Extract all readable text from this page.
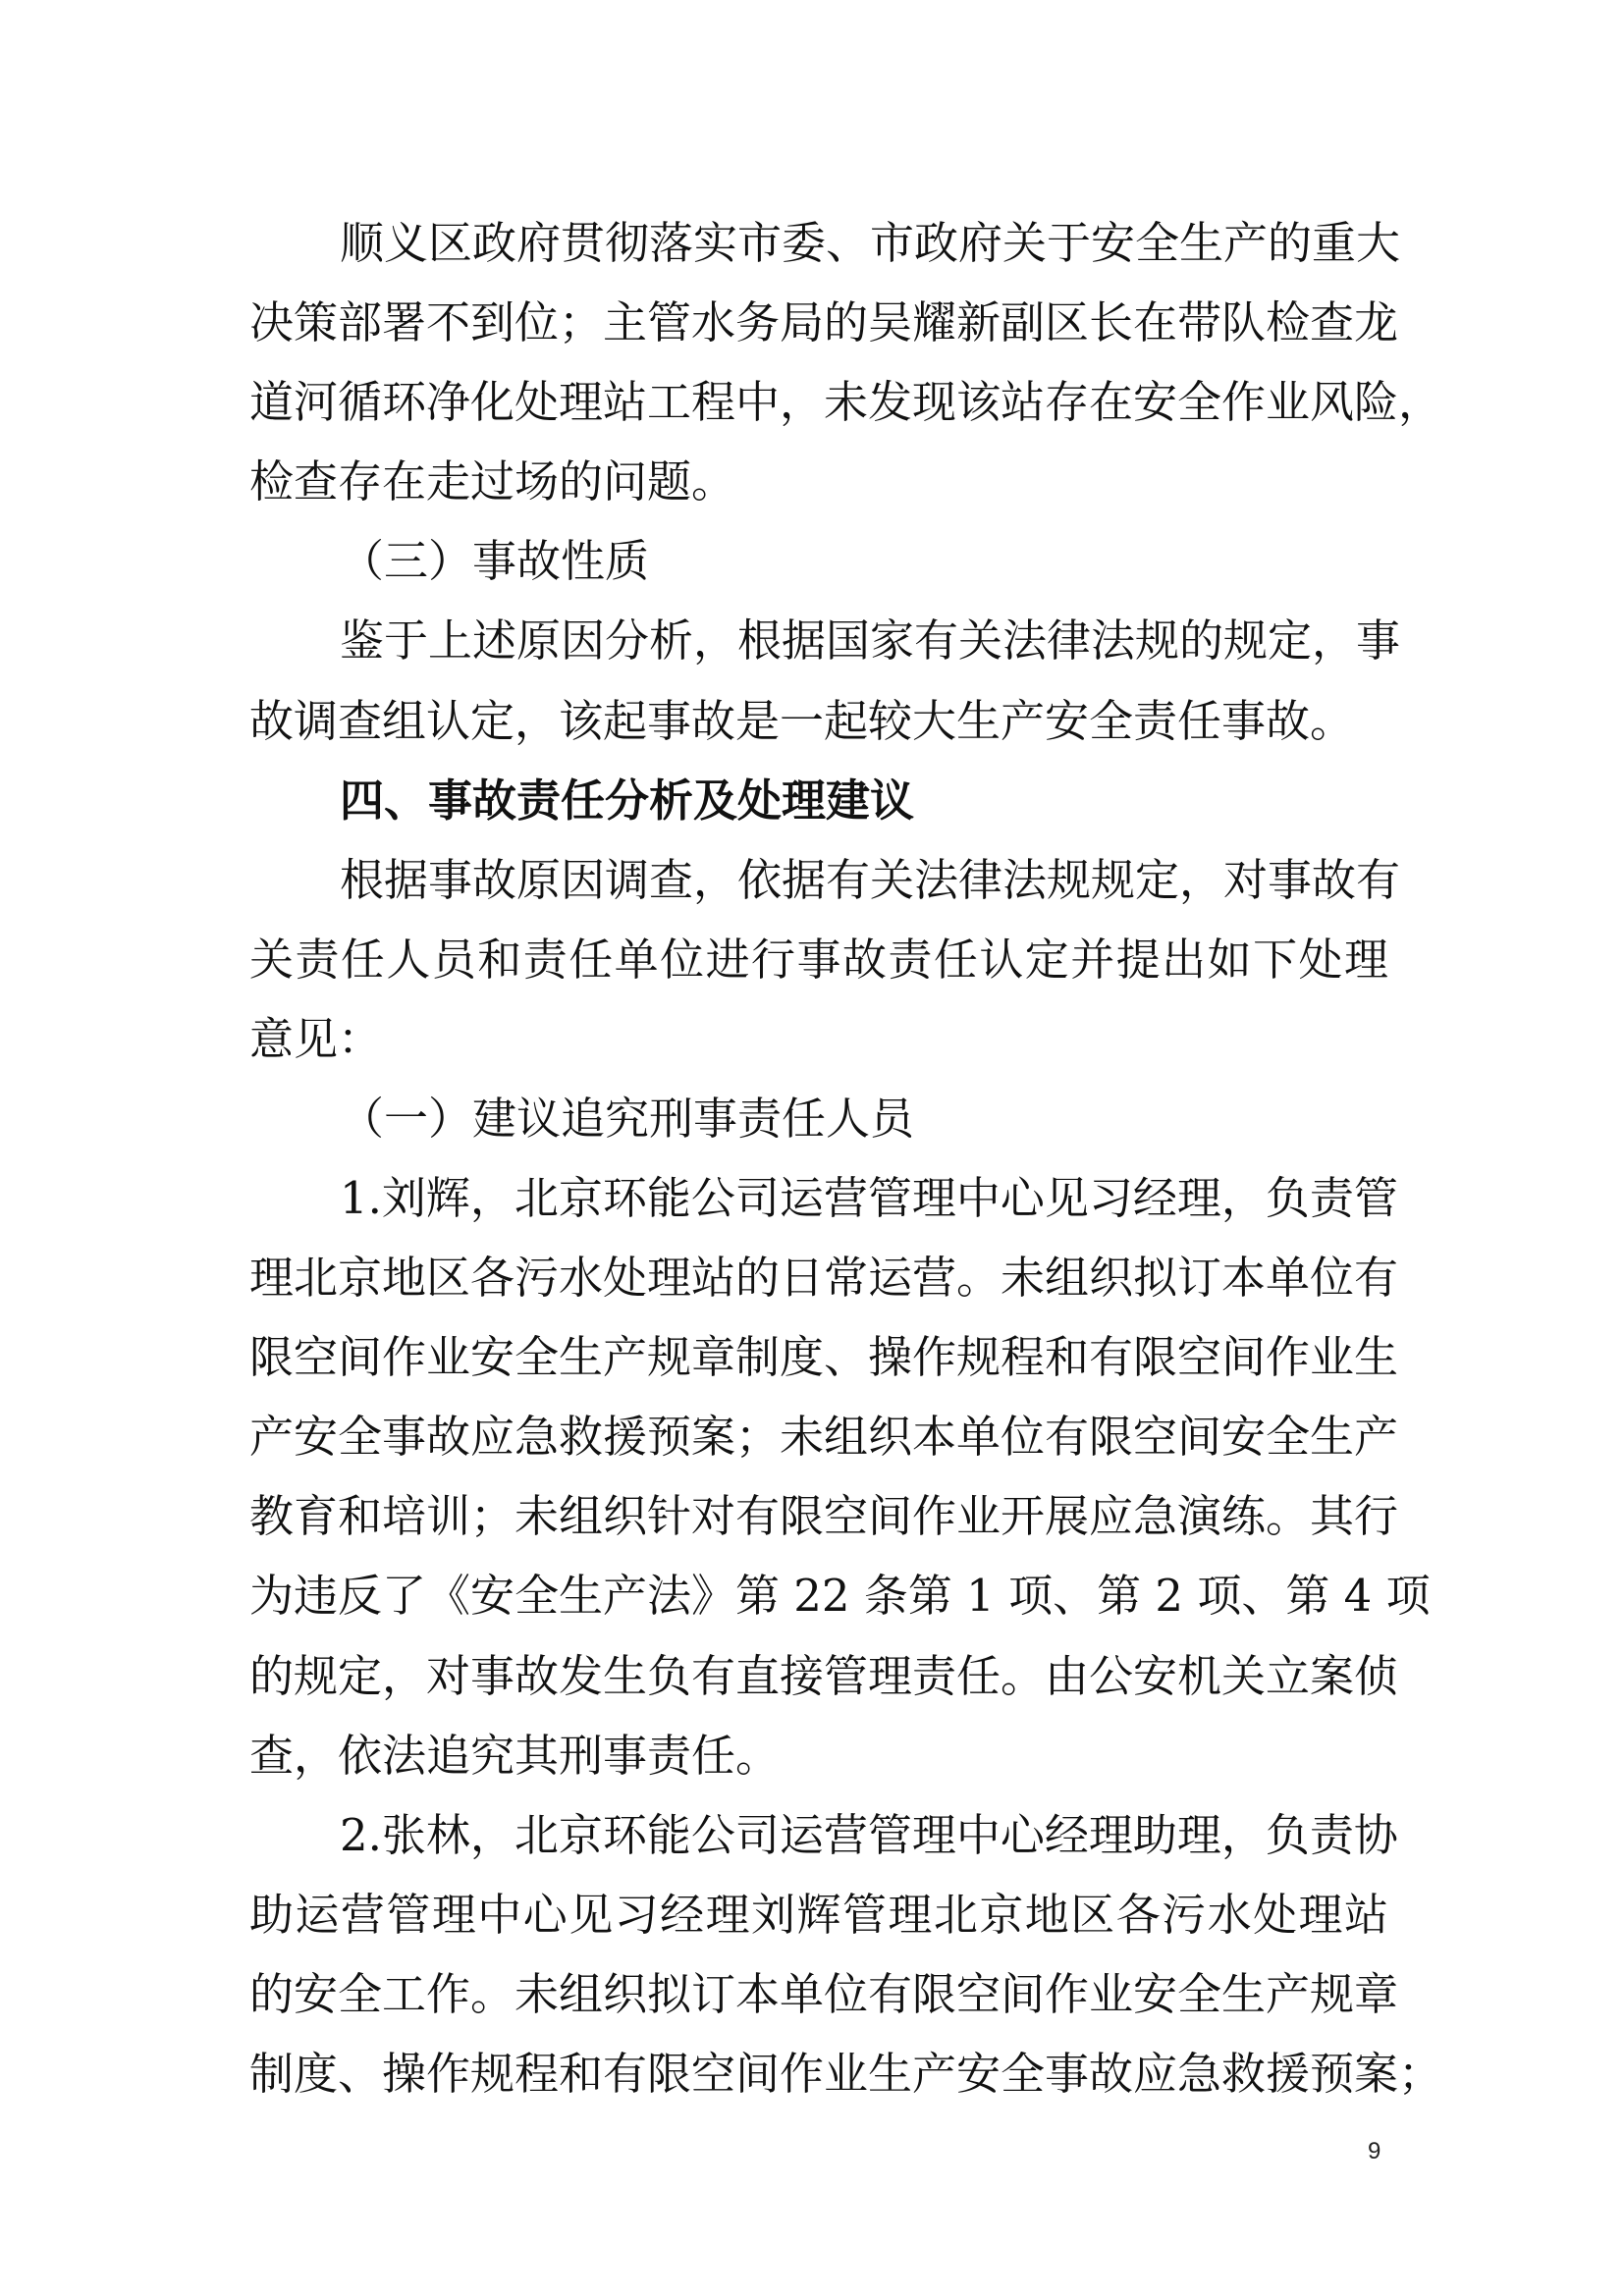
顺义区政府贯彻落实市委、市政府关于安全生产的重大
决策部署不到位；主管水务局的吴耀新副区长在带队检查龙
道河循环净化处理站工程中，未发现该站存在安全作业风险，
检查存在走过场的问题。
（三）事故性质
鉴于上述原因分析，根据国家有关法律法规的规定，事
故调查组认定，该起事故是一起较大生产安全责任事故。
四、事故责任分析及处理建议
根据事故原因调查，依据有关法律法规规定，对事故有
关责任人员和责任单位进行事故责任认定并提出如下处理
意见：
（一）建议追究刑事责任人员
1.刘辉，北京环能公司运营管理中心见习经理，负责管
理北京地区各污水处理站的日常运营。未组织拟订本单位有
限空间作业安全生产规章制度、操作规程和有限空间作业生
产安全事故应急救援预案；未组织本单位有限空间安全生产
教育和培训；未组织针对有限空间作业开展应急演练。其行
为违反了《安全生产法》第 22 条第 1 项、第 2 项、第 4 项
的规定，对事故发生负有直接管理责任。由公安机关立案侦
查，依法追究其刑事责任。
2.张林，北京环能公司运营管理中心经理助理，负责协
助运营管理中心见习经理刘辉管理北京地区各污水处理站
的安全工作。未组织拟订本单位有限空间作业安全生产规章
制度、操作规程和有限空间作业生产安全事故应急救援预案；
9
